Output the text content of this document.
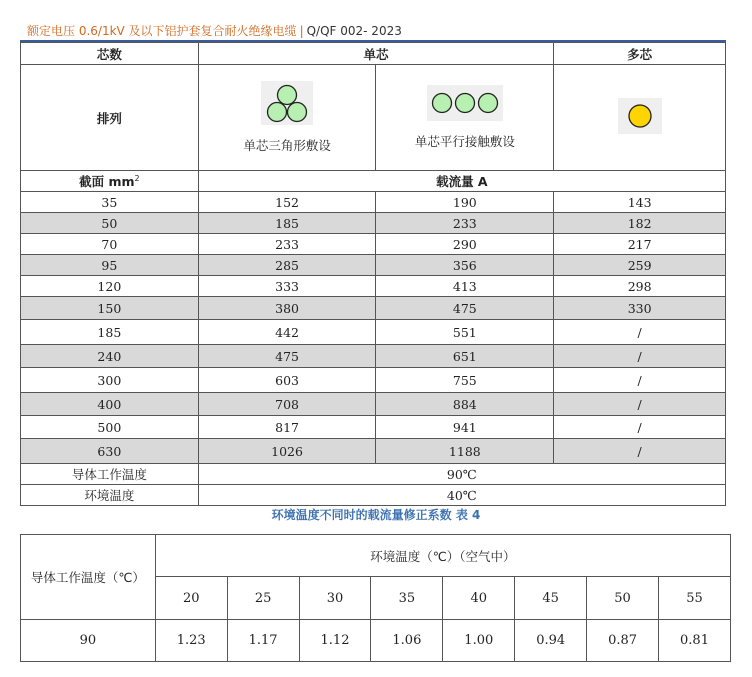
额定电压 0.6/1kV 及以下铝护套复合耐火绝缘电缆 | Q/QF 002- 2023
芯数	单芯		多芯
排列	单芯三角形敷设	单芯平行接触敷设

截面 $mm^2$	载流量 A		
35	152	190	143
50	185	233	182
70	233	290	217
95	285	356	259
120	333	413	298
150	380	475	330
185	442	551	/
240	475	651	/
300	603	755	/
400	708	884	/
500	817	941	/
630	1026	1188	/
导体工作温度	90℃		
环境温度	40℃		
环境温度不同时的载流量修正系数 表 4
导体工作温度（℃）	环境温度（℃）（空气中）							
	20	25	30	35	40	45	50	55
90	1.23	1.17	1.12	1.06	1.00	0.94	0.87	0.81
